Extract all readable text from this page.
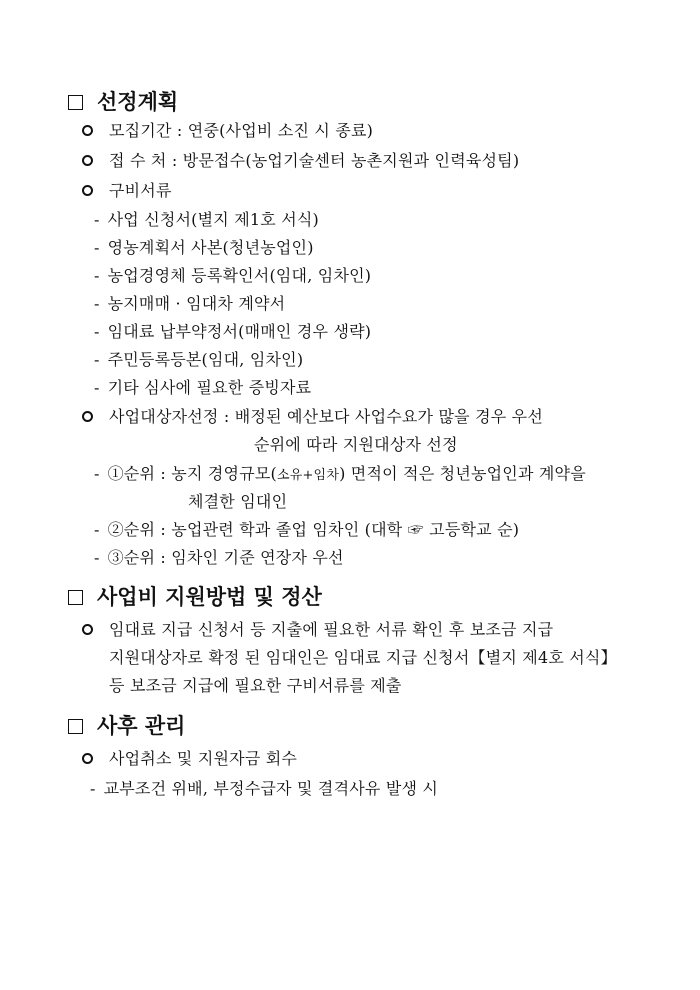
선정계획
모집기간 : 연중(사업비 소진 시 종료)
접 수 처 : 방문접수(농업기술센터 농촌지원과 인력육성팀)
구비서류
- 사업 신청서(별지 제1호 서식)
- 영농계획서 사본(청년농업인)
- 농업경영체 등록확인서(임대, 임차인)
- 농지매매 · 임대차 계약서
- 임대료 납부약정서(매매인 경우 생략)
- 주민등록등본(임대, 임차인)
- 기타 심사에 필요한 증빙자료
사업대상자선정 : 배정된 예산보다 사업수요가 많을 경우 우선
순위에 따라 지원대상자 선정
- ①순위 : 농지 경영규모(소유+임차) 면적이 적은 청년농업인과 계약을
체결한 임대인
- ②순위 : 농업관련 학과 졸업 임차인 (대학 ☞ 고등학교 순)
- ③순위 : 임차인 기준 연장자 우선
사업비 지원방법 및 정산
임대료 지급 신청서 등 지출에 필요한 서류 확인 후 보조금 지급
지원대상자로 확정 된 임대인은 임대료 지급 신청서【별지 제4호 서식】
등 보조금 지급에 필요한 구비서류를 제출
사후 관리
사업취소 및 지원자금 회수
- 교부조건 위배, 부정수급자 및 결격사유 발생 시
